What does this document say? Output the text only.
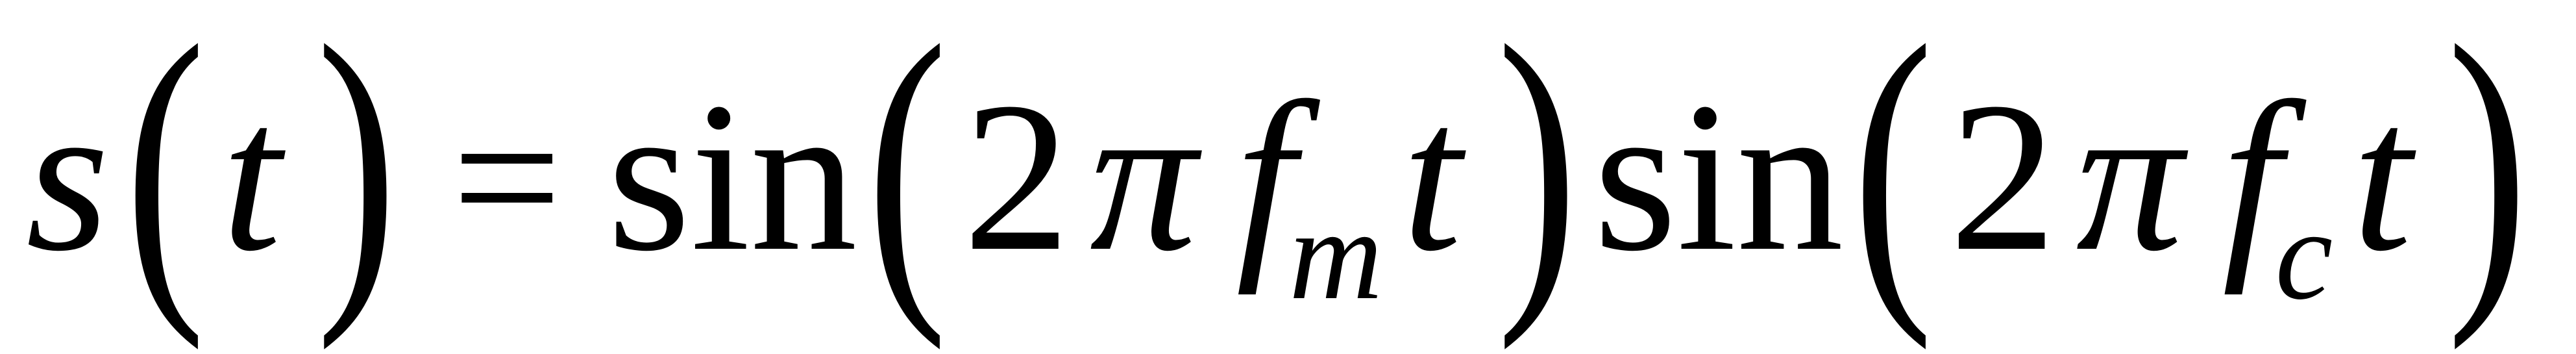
s ( t ) = sin ( 2 π f
m t ) sin ( 2 π f
c t )
